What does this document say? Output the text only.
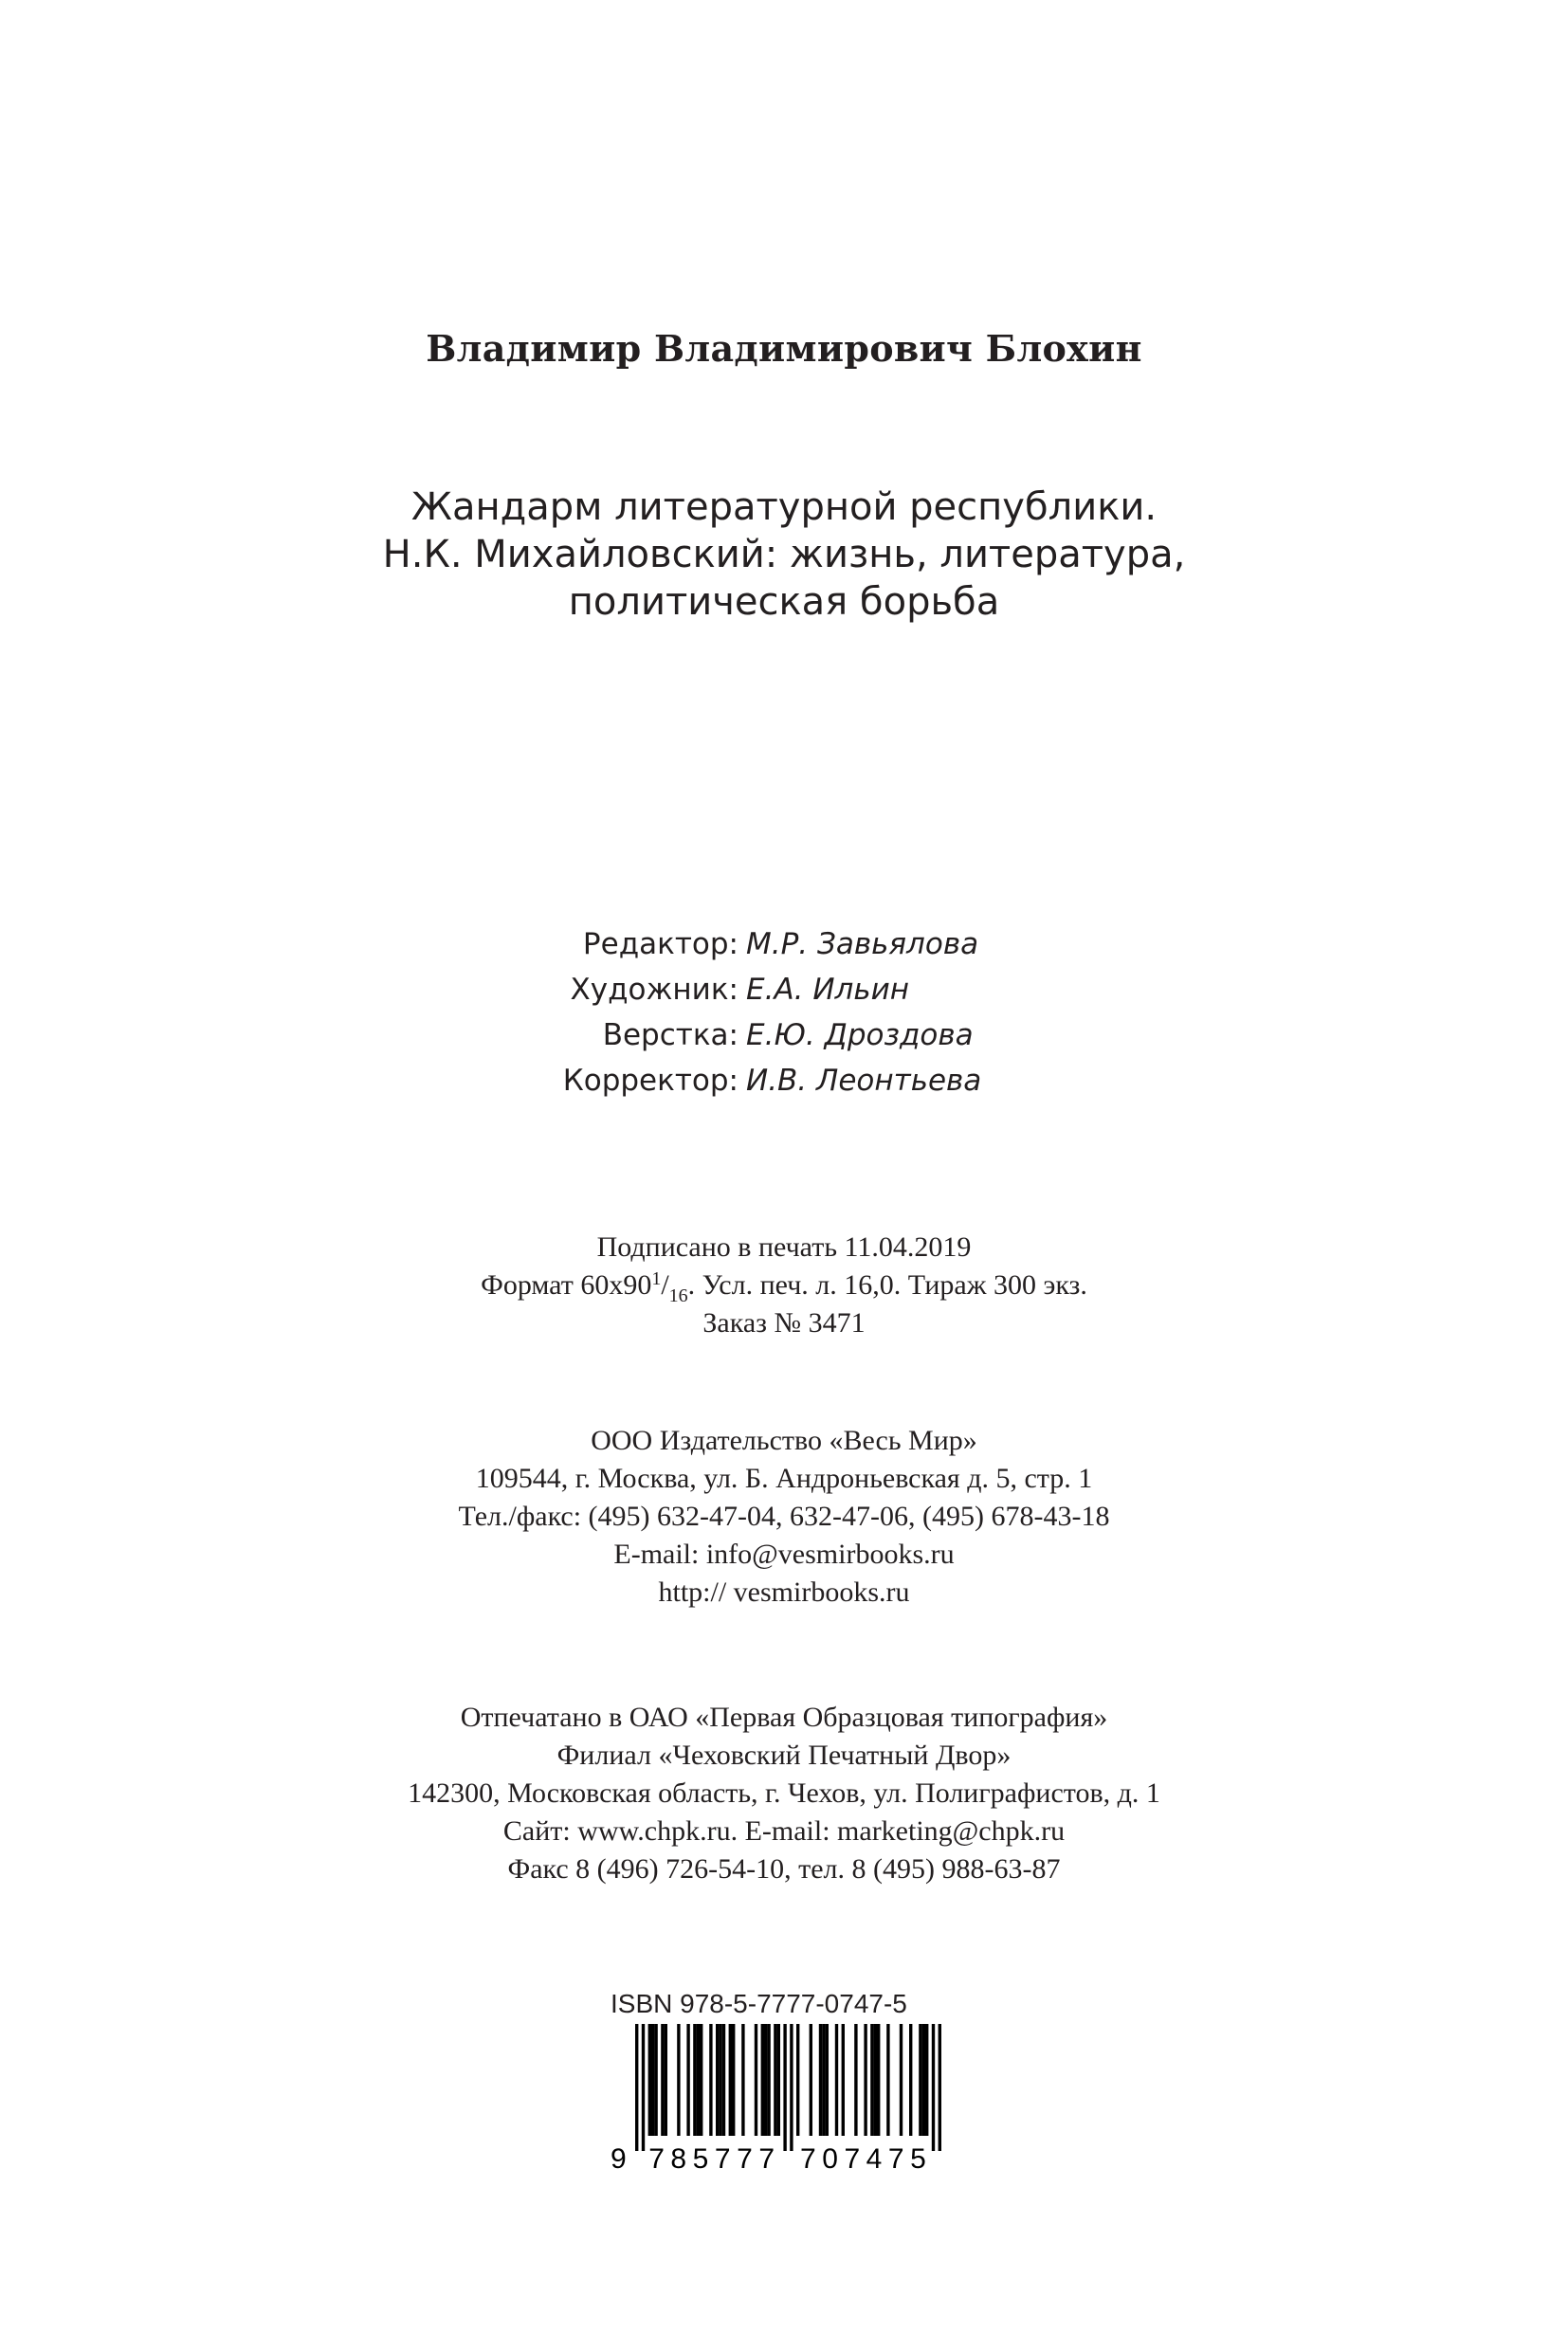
Владимир Владимирович Блохин
Жандарм литературной республики.
Н.К. Михайловский: жизнь, литература,
политическая борьба
Редактор: М.Р. Завьялова
Художник: Е.А. Ильин
Верстка: Е.Ю. Дроздова
Корректор: И.В. Леонтьева
Подписано в печать 11.04.2019
Формат $60х90^1/_{16}$. Усл. печ. л. 16,0. Тираж 300 экз.
Заказ № 3471
ООО Издательство «Весь Мир»
109544, г. Москва, ул. Б. Андроньевская д. 5, стр. 1
Тел./факс: (495) 632-47-04, 632-47-06, (495) 678-43-18
E-mail: info@vesmirbooks.ru
http:// vesmirbooks.ru
Отпечатано в ОАО «Первая Образцовая типография»
Филиал «Чеховский Печатный Двор»
142300, Московская область, г. Чехов, ул. Полиграфистов, д. 1
Сайт: www.chpk.ru. E-mail: marketing@chpk.ru
Факс 8 (496) 726-54-10, тел. 8 (495) 988-63-87
ISBN 978-5-7777-0747-5
9 785777 707475
